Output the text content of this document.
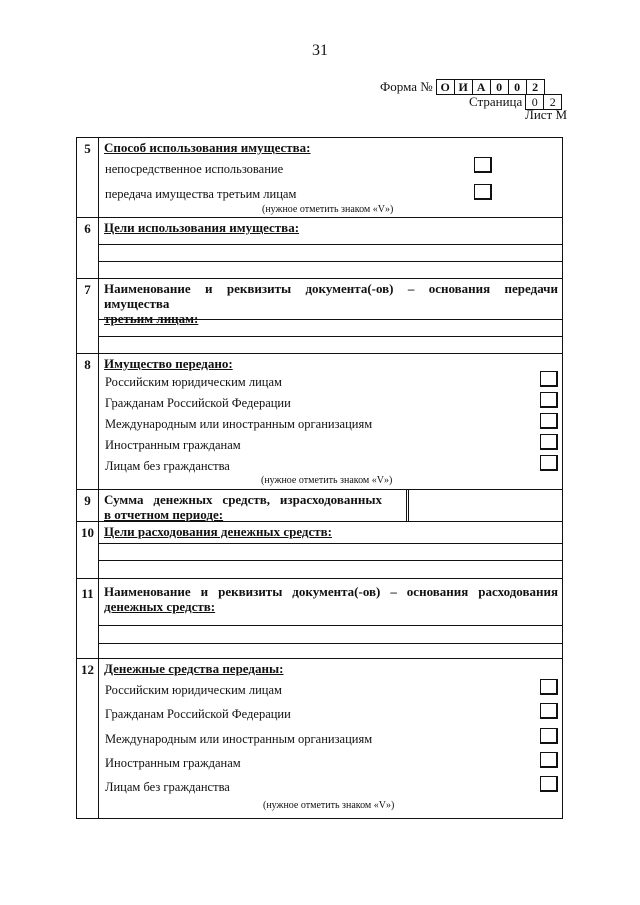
31
Форма № О И А 0	0	2
Страница 0	2
Лист М
5	Способ использования имущества:
непосредственное использование
передача имущества третьим лицам
(нужное отметить знаком «V»)
6	Цели использования имущества:
7	Наименование и реквизиты документа(-ов) – основания передачи имущества
третьим лицам:
8	Имущество передано:
Российским юридическим лицам
Гражданам Российской Федерации
Международным или иностранным организациям
Иностранным гражданам
Лицам без гражданства
(нужное отметить знаком «V»)
9	Сумма денежных средств, израсходованных
в отчетном периоде:
10 Цели расходования денежных средств:
11 Наименование и реквизиты документа(-ов) – основания расходования
денежных средств:
12 Денежные средства переданы:
Российским юридическим лицам
Гражданам Российской Федерации
Международным или иностранным организациям
Иностранным гражданам
Лицам без гражданства
(нужное отметить знаком «V»)
